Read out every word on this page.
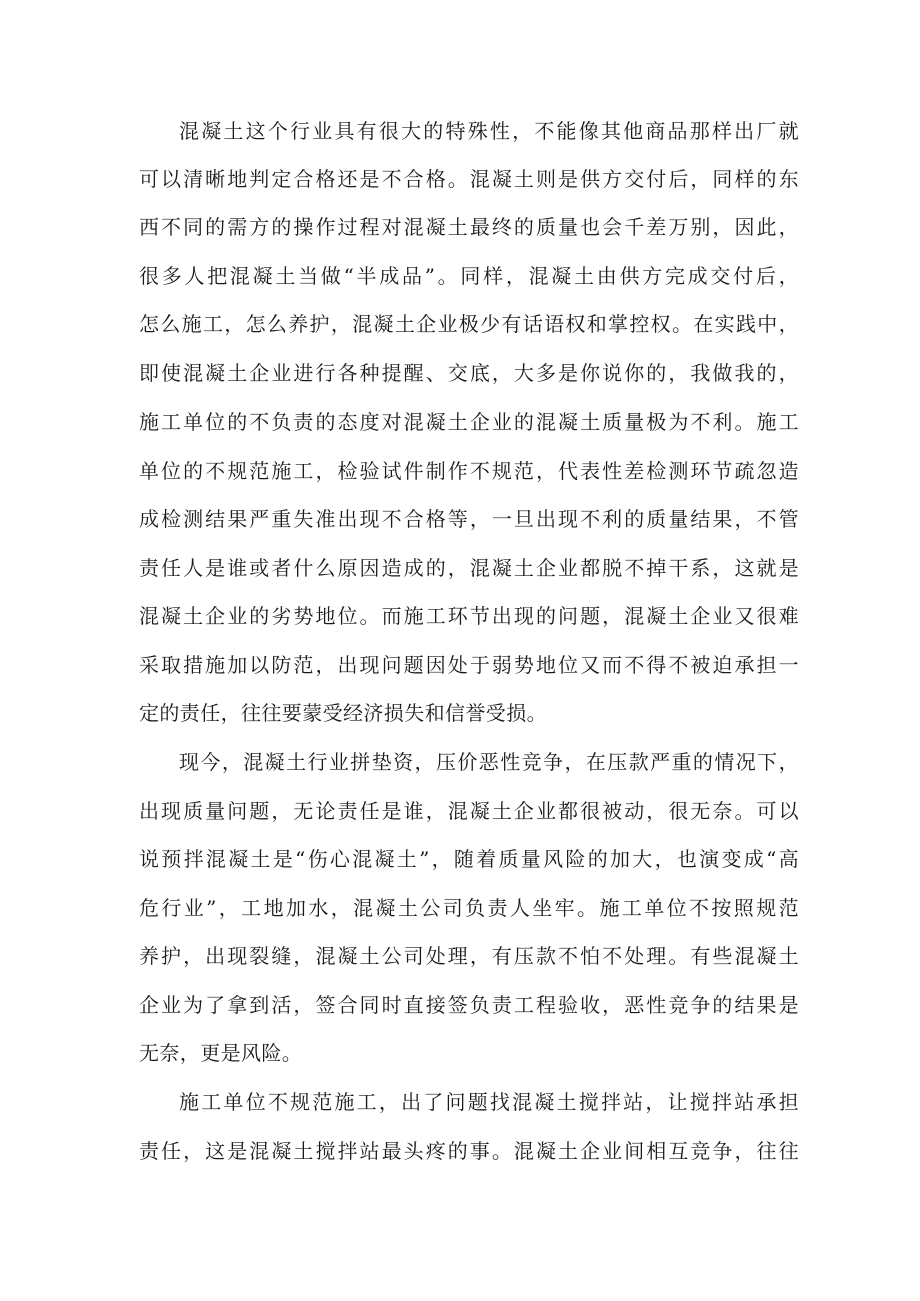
混凝土这个行业具有很大的特殊性，不能像其他商品那样出厂就
可以清晰地判定合格还是不合格。混凝土则是供方交付后，同样的东
西不同的需方的操作过程对混凝土最终的质量也会千差万别，因此，
很多人把混凝土当做“半成品”。同样，混凝土由供方完成交付后，
怎么施工，怎么养护，混凝土企业极少有话语权和掌控权。在实践中，
即使混凝土企业进行各种提醒、交底，大多是你说你的，我做我的，
施工单位的不负责的态度对混凝土企业的混凝土质量极为不利。施工
单位的不规范施工，检验试件制作不规范，代表性差检测环节疏忽造
成检测结果严重失准出现不合格等，一旦出现不利的质量结果，不管
责任人是谁或者什么原因造成的，混凝土企业都脱不掉干系，这就是
混凝土企业的劣势地位。而施工环节出现的问题，混凝土企业又很难
采取措施加以防范，出现问题因处于弱势地位又而不得不被迫承担一
定的责任，往往要蒙受经济损失和信誉受损。
现今，混凝土行业拼垫资，压价恶性竞争，在压款严重的情况下，
出现质量问题，无论责任是谁，混凝土企业都很被动，很无奈。可以
说预拌混凝土是“伤心混凝土”，随着质量风险的加大，也演变成“高
危行业”，工地加水，混凝土公司负责人坐牢。施工单位不按照规范
养护，出现裂缝，混凝土公司处理，有压款不怕不处理。有些混凝土
企业为了拿到活，签合同时直接签负责工程验收，恶性竞争的结果是
无奈，更是风险。
施工单位不规范施工，出了问题找混凝土搅拌站，让搅拌站承担
责任，这是混凝土搅拌站最头疼的事。混凝土企业间相互竞争，往往
